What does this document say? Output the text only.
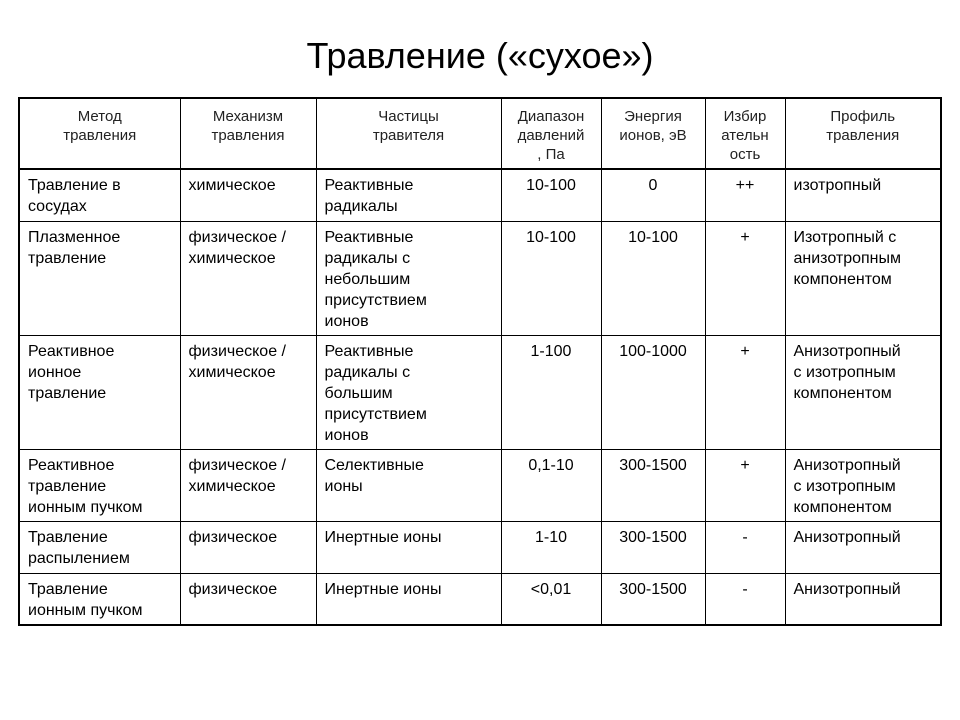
Травление («сухое»)
Метод
травления	Механизм
травления	Частицы
травителя	Диапазон
давлений
, Па	Энергия
ионов, эВ	Избир
ательн
ость	Профиль
травления
Травление в
сосудах	химическое	Реактивные
радикалы	10-100	0	++	изотропный
Плазменное
травление	физическое /
химическое	Реактивные
радикалы с
небольшим
присутствием
ионов	10-100	10-100	+	Изотропный с
анизотропным
компонентом
Реактивное
ионное
травление	физическое /
химическое	Реактивные
радикалы с
большим
присутствием
ионов	1-100	100-1000	+	Анизотропный
с изотропным
компонентом
Реактивное
травление
ионным пучком	физическое /
химическое	Селективные
ионы	0,1-10	300-1500	+	Анизотропный
с изотропным
компонентом
Травление
распылением	физическое	Инертные ионы	1-10	300-1500	-	Анизотропный
Травление
ионным пучком	физическое	Инертные ионы	<0,01	300-1500	-	Анизотропный
